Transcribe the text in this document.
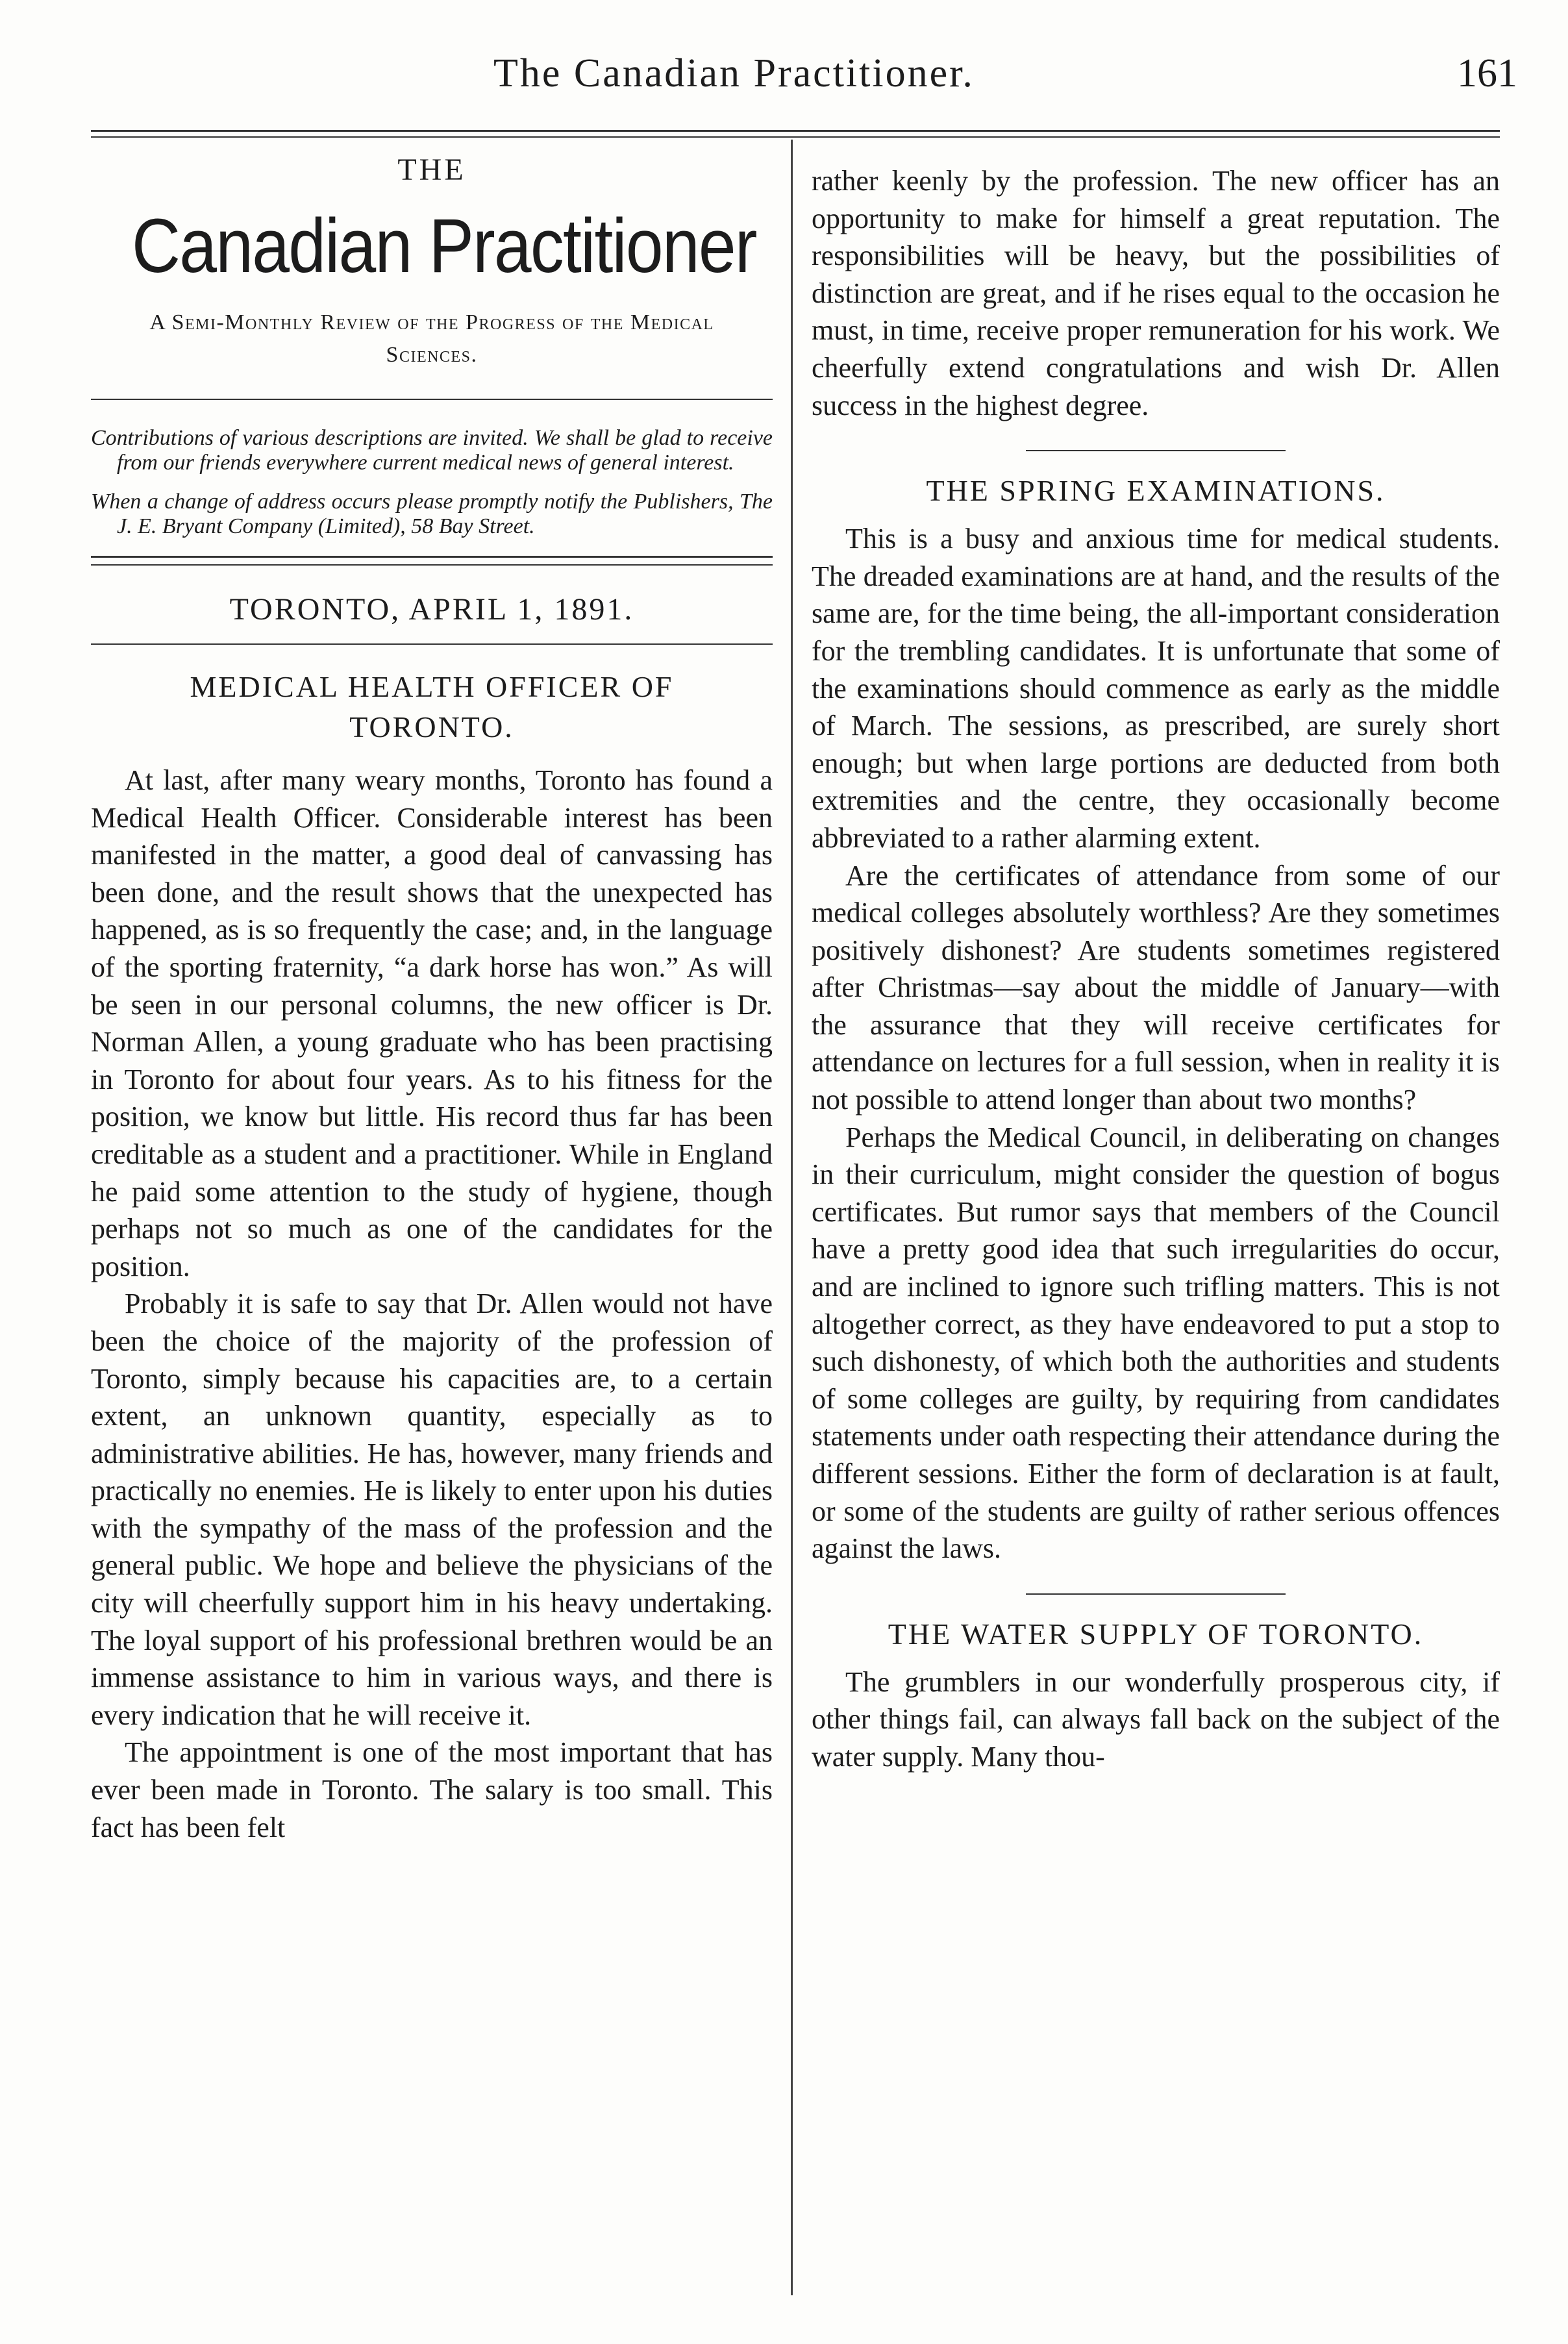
The Canadian Practitioner.	161
THE
Canadian Practitioner
A Semi-Monthly Review of the Progress of the Medical Sciences.

Contributions of various descriptions are invited. We shall be glad to receive from our friends everywhere current medical news of general interest.

When a change of address occurs please promptly notify the Publishers, The J. E. Bryant Company (Limited), 58 Bay Street.

TORONTO, APRIL 1, 1891.
MEDICAL HEALTH OFFICER OF TORONTO.

At last, after many weary months, Toronto has found a Medical Health Officer. Considerable interest has been manifested in the matter, a good deal of canvassing has been done, and the result shows that the unexpected has happened, as is so frequently the case; and, in the language of the sporting fraternity, “a dark horse has won.” As will be seen in our personal columns, the new officer is Dr. Norman Allen, a young graduate who has been practising in Toronto for about four years. As to his fitness for the position, we know but little. His record thus far has been creditable as a student and a practitioner. While in England he paid some attention to the study of hygiene, though perhaps not so much as one of the candidates for the position.

Probably it is safe to say that Dr. Allen would not have been the choice of the majority of the profession of Toronto, simply because his capacities are, to a certain extent, an unknown quantity, especially as to administrative abilities. He has, however, many friends and practically no enemies. He is likely to enter upon his duties with the sympathy of the mass of the profession and the general public. We hope and believe the physicians of the city will cheerfully support him in his heavy undertaking. The loyal support of his professional brethren would be an immense assistance to him in various ways, and there is every indication that he will receive it.

The appointment is one of the most important that has ever been made in Toronto. The salary is too small. This fact has been felt

rather keenly by the profession. The new officer has an opportunity to make for himself a great reputation. The responsibilities will be heavy, but the possibilities of distinction are great, and if he rises equal to the occasion he must, in time, receive proper remuneration for his work. We cheerfully extend congratulations and wish Dr. Allen success in the highest degree.

THE SPRING EXAMINATIONS.

This is a busy and anxious time for medical students. The dreaded examinations are at hand, and the results of the same are, for the time being, the all-important consideration for the trembling candidates. It is unfortunate that some of the examinations should commence as early as the middle of March. The sessions, as prescribed, are surely short enough; but when large portions are deducted from both extremities and the centre, they occasionally become abbreviated to a rather alarming extent.

Are the certificates of attendance from some of our medical colleges absolutely worthless? Are they sometimes positively dishonest? Are students sometimes registered after Christmas—say about the middle of January—with the assurance that they will receive certificates for attendance on lectures for a full session, when in reality it is not possible to attend longer than about two months?

Perhaps the Medical Council, in deliberating on changes in their curriculum, might consider the question of bogus certificates. But rumor says that members of the Council have a pretty good idea that such irregularities do occur, and are inclined to ignore such trifling matters. This is not altogether correct, as they have endeavored to put a stop to such dishonesty, of which both the authorities and students of some colleges are guilty, by requiring from candidates statements under oath respecting their attendance during the different sessions. Either the form of declaration is at fault, or some of the students are guilty of rather serious offences against the laws.

THE WATER SUPPLY OF TORONTO.

The grumblers in our wonderfully prosperous city, if other things fail, can always fall back on the subject of the water supply. Many thou-
